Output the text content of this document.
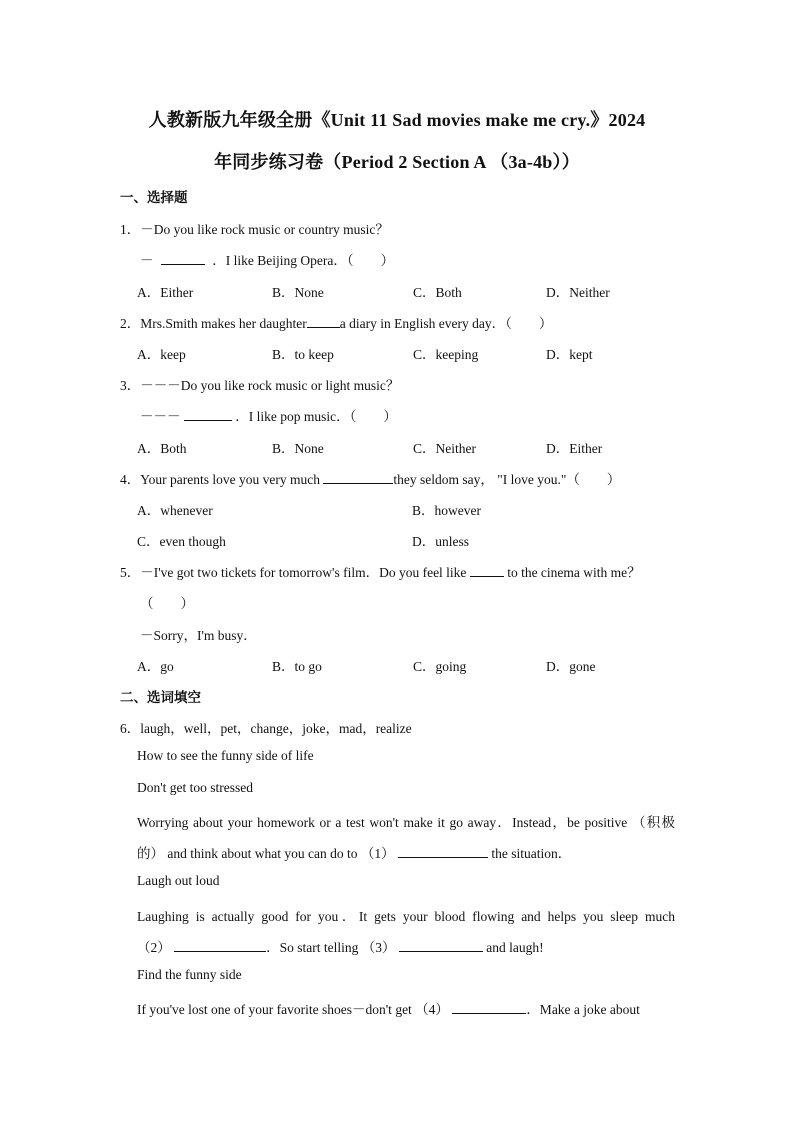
人教新版九年级全册《Unit 11 Sad movies make me cry.》2024
年同步练习卷（Period 2 Section A （3a-4b））
一、选择题
1．－Do you like rock music or country music？
－	．I like Beijing Opera．（　　）
A．Either	B．None	C．Both	D．Neither
2．Mrs.Smith makes her daughter a diary in English every day．（　　）
A．keep	B．to keep	C．keeping	D．kept
3．－－－Do you like rock music or light music？
－－－	．I like pop music．（　　）
A．Both	B．None	C．Neither	D．Either
4．Your parents love you very much	they seldom say， "I love you."（　　）
A．whenever	B．however
C．even though	D．unless
5．－I've got two tickets for tomorrow's film．Do you feel like	to the cinema with me？
（　　）
－Sorry，I'm busy．
A．go	B．to go	C．going	D．gone
二、选词填空
6．laugh，well，pet，change，joke，mad，realize
How to see the funny side of life
Don't get too stressed
Worrying about your homework or a test won't make it go away．Instead，be positive （积极
的） and think about what you can do to （1）	the situation．
Laugh out loud
Laughing is actually good for you．It gets your blood flowing and helps you sleep much
（2）	．So start telling （3）	and laugh!
Find the funny side
If you've lost one of your favorite shoes－don't get （4）	．Make a joke about
